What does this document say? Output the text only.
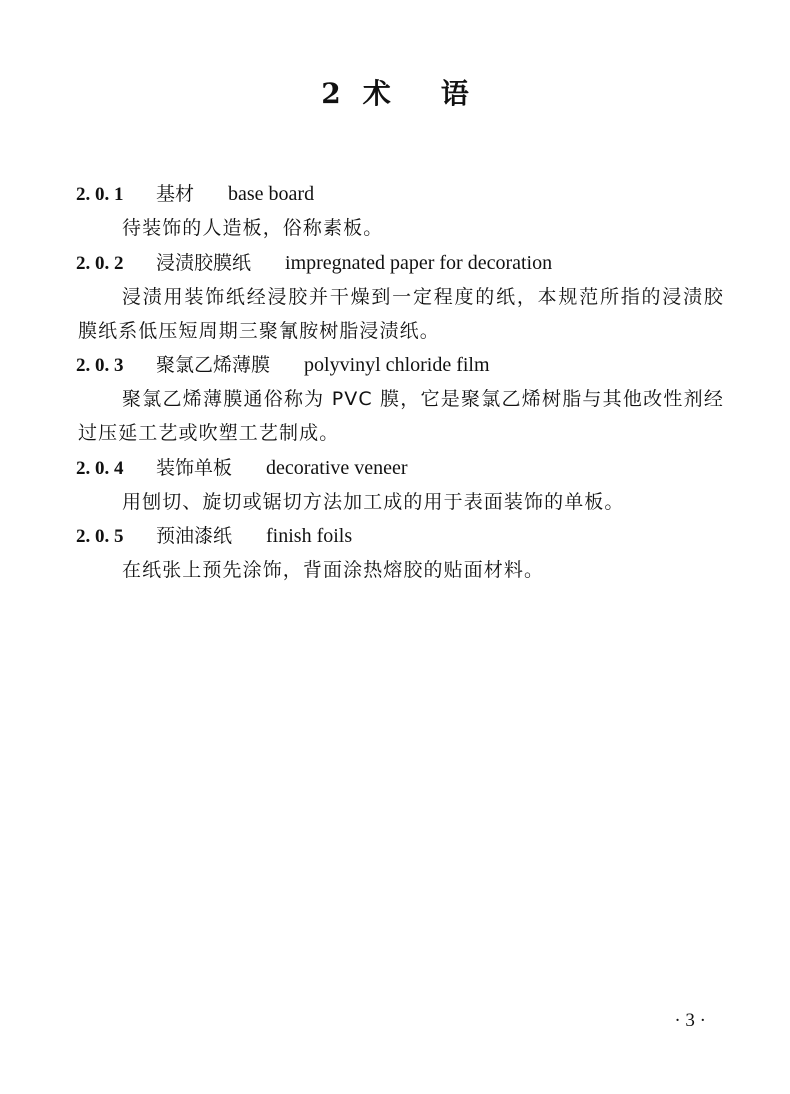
2 术 语
2. 0. 1 基材 base board
待装饰的人造板，俗称素板。
2. 0. 2 浸渍胶膜纸 impregnated paper for decoration
浸渍用装饰纸经浸胶并干燥到一定程度的纸，本规范所指的浸渍胶膜纸系低压短周期三聚氰胺树脂浸渍纸。
2. 0. 3 聚氯乙烯薄膜 polyvinyl chloride film
聚氯乙烯薄膜通俗称为 PVC 膜，它是聚氯乙烯树脂与其他改性剂经过压延工艺或吹塑工艺制成。
2. 0. 4 装饰单板 decorative veneer
用刨切、旋切或锯切方法加工成的用于表面装饰的单板。
2. 0. 5 预油漆纸 finish foils
在纸张上预先涂饰，背面涂热熔胶的贴面材料。
· 3 ·
